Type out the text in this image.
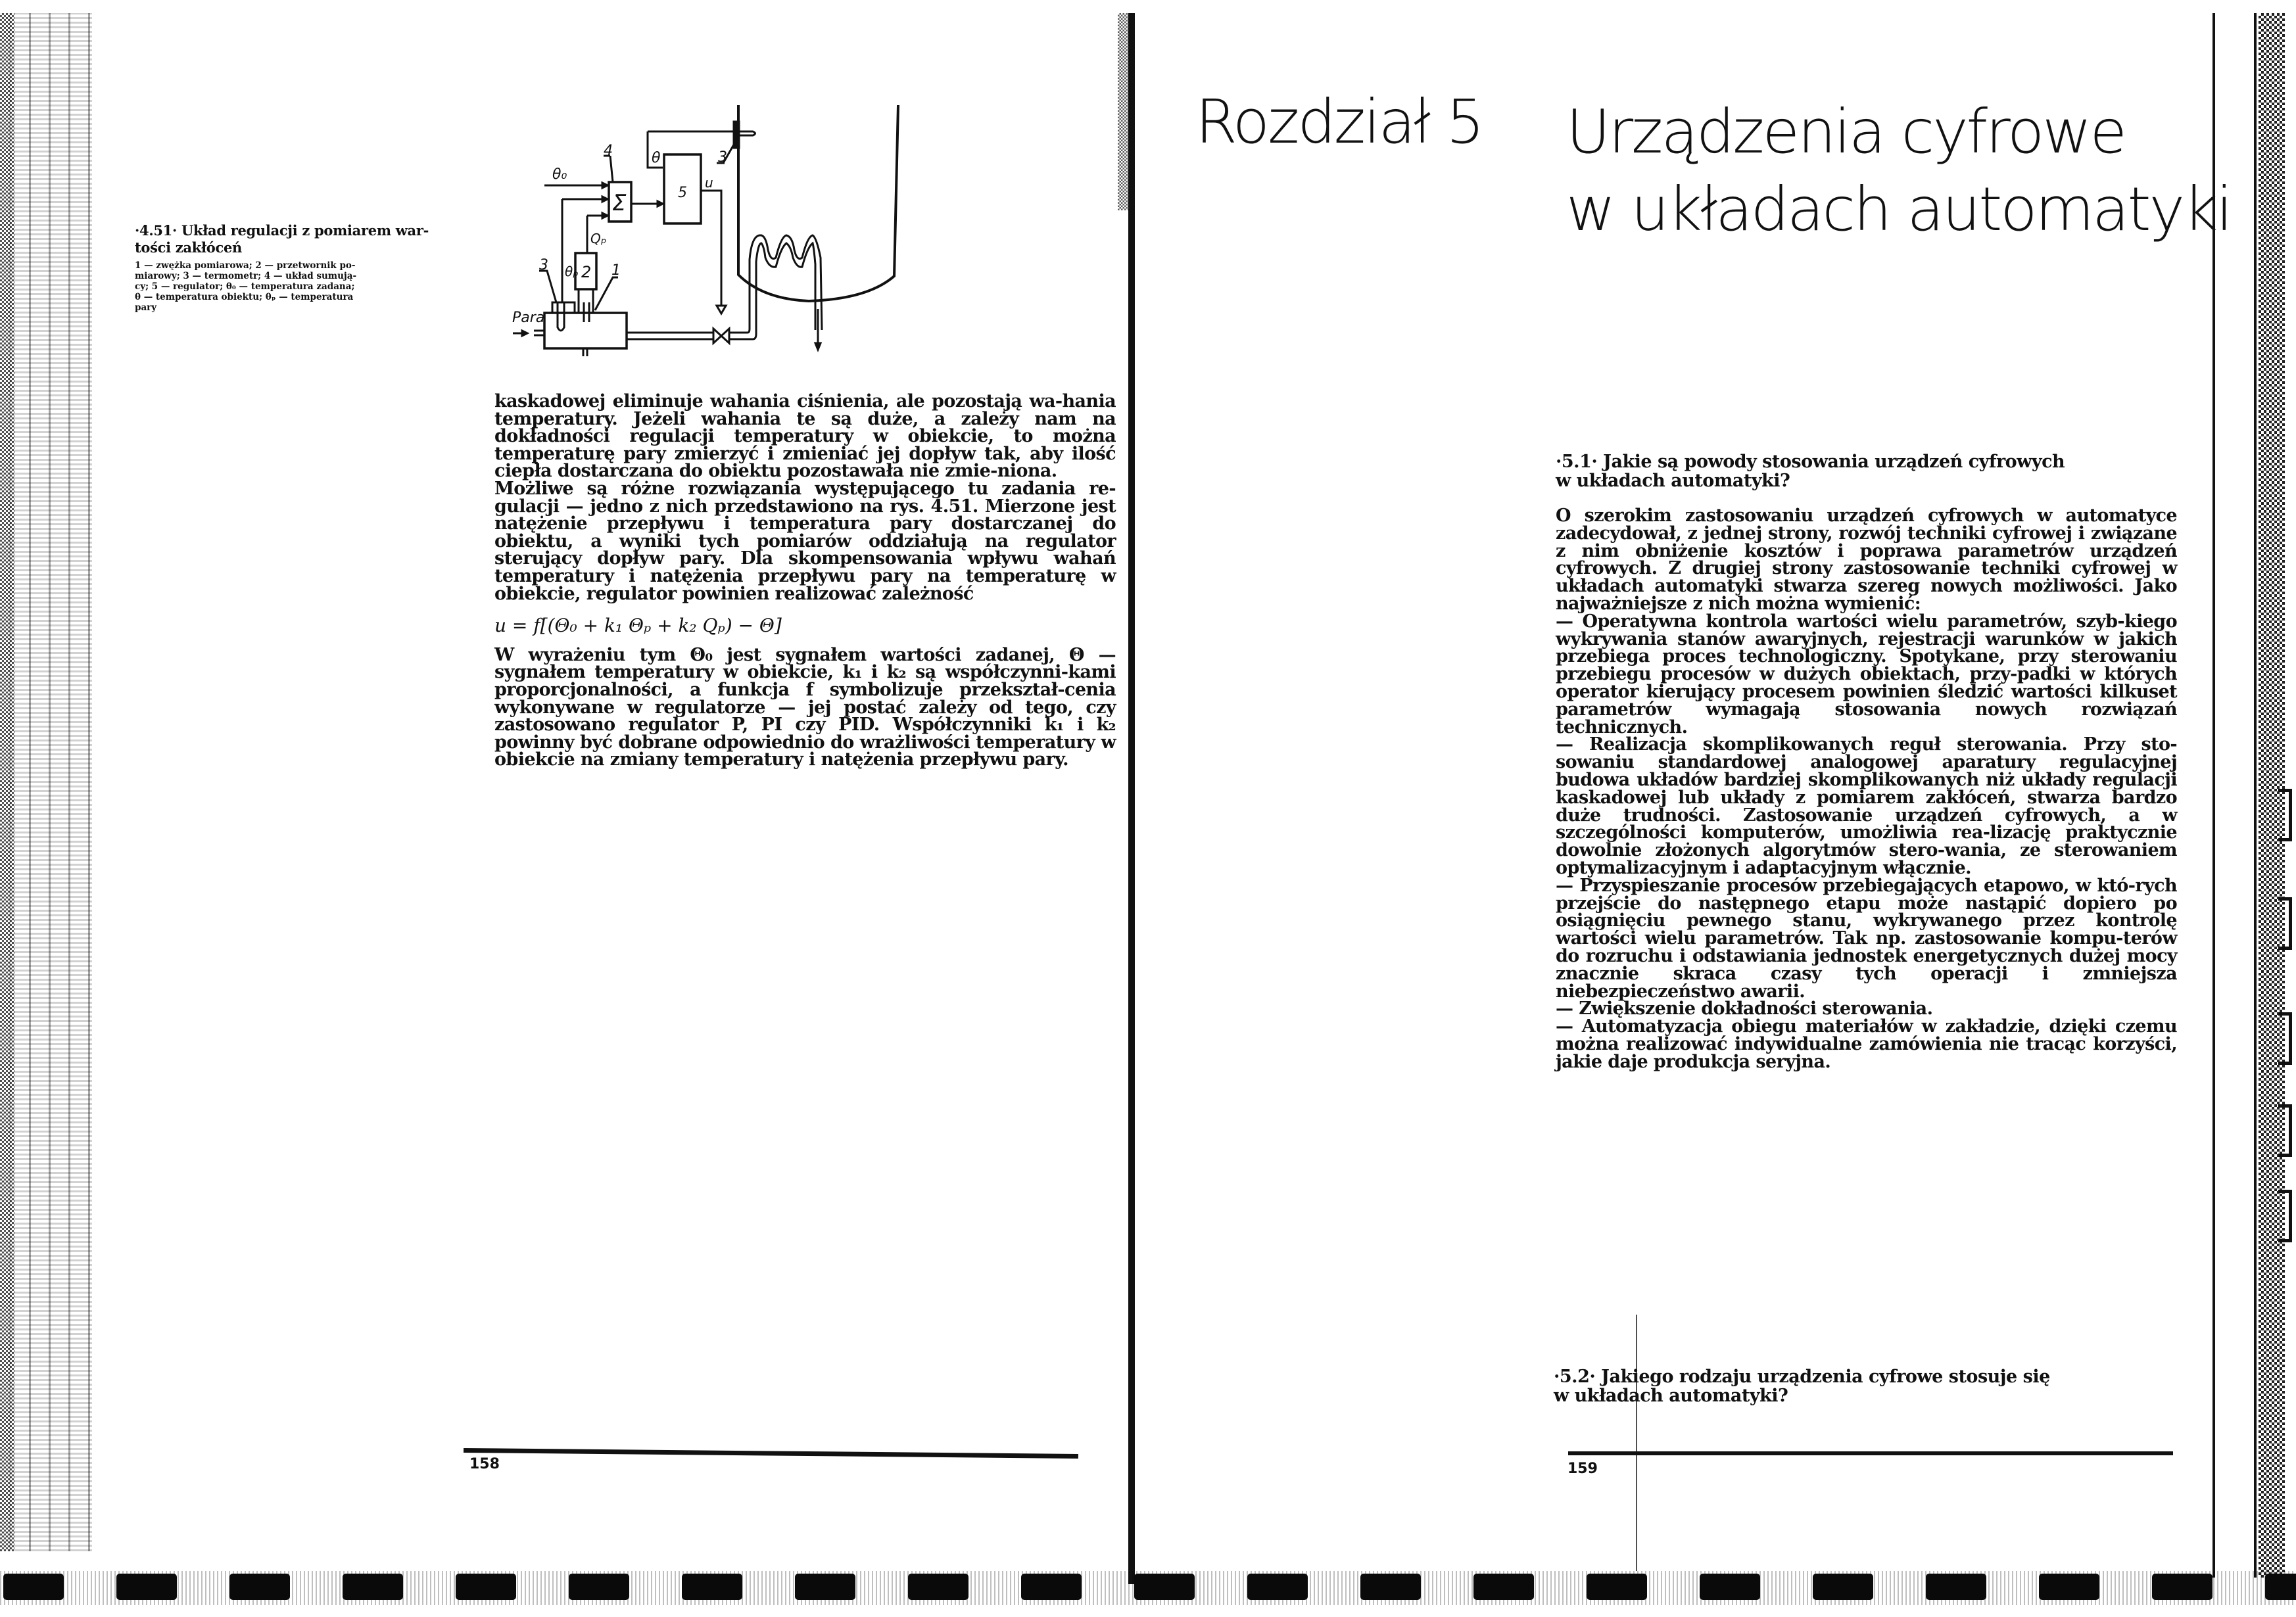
·4.51· Układ regulacji z pomiarem war-
tości zakłóceń
1 — zwężka pomiarowa; 2 — przetwornik po-
miarowy; 3 — termometr; 4 — układ sumują-
cy; 5 — regulator; θ₀ — temperatura zadana;
θ — temperatura obiektu; θₚ — temperatura
pary
θ₀
4
Σ	5
θ
u
Qₚ
θₚ 2
3
3
1
Para

kaskadowej eliminuje wahania ciśnienia, ale pozostają wa-hania temperatury. Jeżeli wahania te są duże, a zależy nam na dokładności regulacji temperatury w obiekcie, to można temperaturę pary zmierzyć i zmieniać jej dopływ tak, aby ilość ciepła dostarczana do obiektu pozostawała nie zmie-niona.

Możliwe są różne rozwiązania występującego tu zadania re-gulacji — jedno z nich przedstawiono na rys. 4.51. Mierzone jest natężenie przepływu i temperatura pary dostarczanej do obiektu, a wyniki tych pomiarów oddziałują na regulator sterujący dopływ pary. Dla skompensowania wpływu wahań temperatury i natężenia przepływu pary na temperaturę w obiekcie, regulator powinien realizować zależność

u = f[(Θ₀ + k₁ Θₚ + k₂ Qₚ) − Θ]

W wyrażeniu tym Θ₀ jest sygnałem wartości zadanej, Θ — sygnałem temperatury w obiekcie, k₁ i k₂ są współczynni-kami proporcjonalności, a funkcja f symbolizuje przekształ-cenia wykonywane w regulatorze — jej postać zależy od tego, czy zastosowano regulator P, PI czy PID. Współczynniki k₁ i k₂ powinny być dobrane odpowiednio do wrażliwości temperatury w obiekcie na zmiany temperatury i natężenia przepływu pary.

158
Rozdział 5 Urządzenia cyfrowe
w układach automatyki
·5.1· Jakie są powody stosowania urządzeń cyfrowych
w układach automatyki?

O szerokim zastosowaniu urządzeń cyfrowych w automatyce zadecydował, z jednej strony, rozwój techniki cyfrowej i związane z nim obniżenie kosztów i poprawa parametrów urządzeń cyfrowych. Z drugiej strony zastosowanie techniki cyfrowej w układach automatyki stwarza szereg nowych możliwości. Jako najważniejsze z nich można wymienić:

— Operatywna kontrola wartości wielu parametrów, szyb-kiego wykrywania stanów awaryjnych, rejestracji warunków w jakich przebiega proces technologiczny. Spotykane, przy sterowaniu przebiegu procesów w dużych obiektach, przy-padki w których operator kierujący procesem powinien śledzić wartości kilkuset parametrów wymagają stosowania nowych rozwiązań technicznych.

— Realizacja skomplikowanych reguł sterowania. Przy sto-sowaniu standardowej analogowej aparatury regulacyjnej budowa układów bardziej skomplikowanych niż układy regulacji kaskadowej lub układy z pomiarem zakłóceń, stwarza bardzo duże trudności. Zastosowanie urządzeń cyfrowych, a w szczególności komputerów, umożliwia rea-lizację praktycznie dowolnie złożonych algorytmów stero-wania, ze sterowaniem optymalizacyjnym i adaptacyjnym włącznie.

— Przyspieszanie procesów przebiegających etapowo, w któ-rych przejście do następnego etapu może nastąpić dopiero po osiągnięciu pewnego stanu, wykrywanego przez kontrolę wartości wielu parametrów. Tak np. zastosowanie kompu-terów do rozruchu i odstawiania jednostek energetycznych dużej mocy znacznie skraca czasy tych operacji i zmniejsza niebezpieczeństwo awarii.

— Zwiększenie dokładności sterowania.

— Automatyzacja obiegu materiałów w zakładzie, dzięki czemu można realizować indywidualne zamówienia nie tracąc korzyści, jakie daje produkcja seryjna.

·5.2· Jakiego rodzaju urządzenia cyfrowe stosuje się
w układach automatyki?
159
